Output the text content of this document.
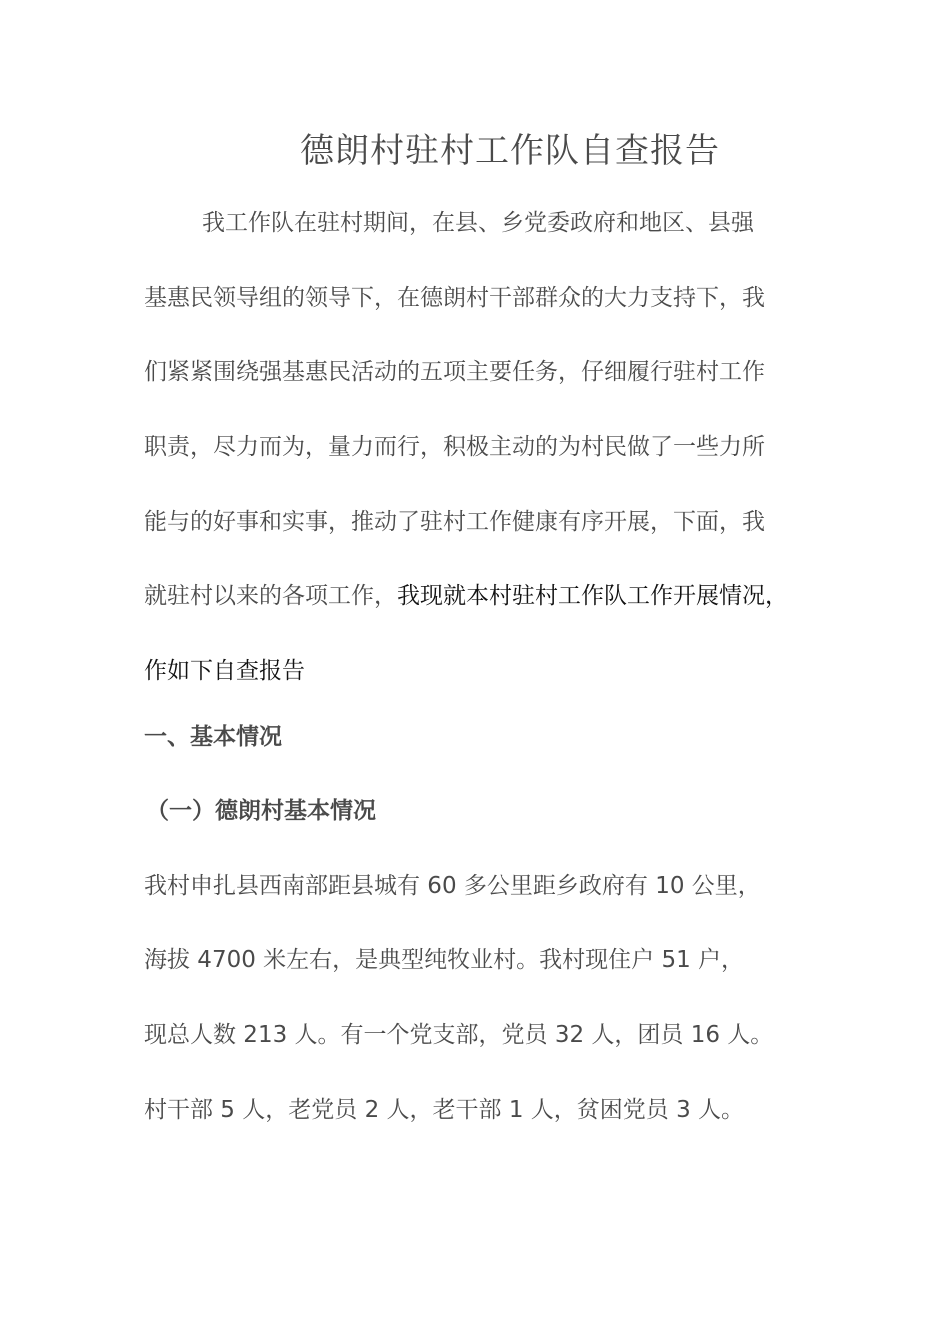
德朗村驻村工作队自查报告
我工作队在驻村期间，在县、乡党委政府和地区、县强
基惠民领导组的领导下，在德朗村干部群众的大力支持下，我
们紧紧围绕强基惠民活动的五项主要任务，仔细履行驻村工作
职责，尽力而为，量力而行，积极主动的为村民做了一些力所
能与的好事和实事，推动了驻村工作健康有序开展，下面，我
就驻村以来的各项工作，我现就本村驻村工作队工作开展情况，
作如下自查报告
一、基本情况
（一）德朗村基本情况
我村申扎县西南部距县城有 60 多公里距乡政府有 10 公里，
海拔 4700 米左右，是典型纯牧业村。我村现住户 51 户，
现总人数 213 人。有一个党支部，党员 32 人，团员 16 人。
村干部 5 人，老党员 2 人，老干部 1 人，贫困党员 3 人。
